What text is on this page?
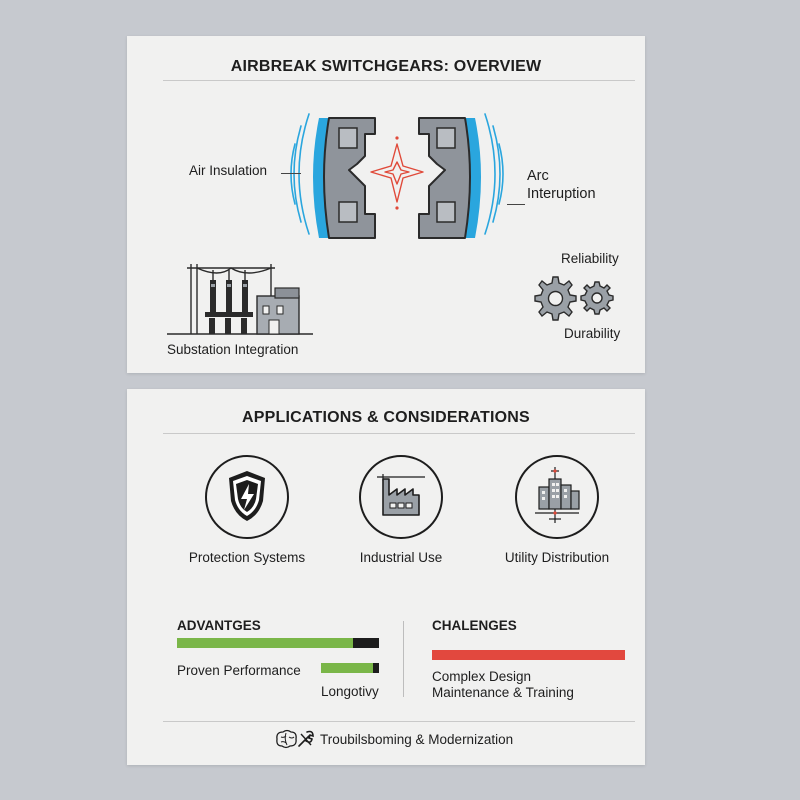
AIRBREAK SWITCHGEARS: OVERVIEW
Air Insulation	Arc
Interuption
Substation Integration
Reliability
Durability
APPLICATIONS & CONSIDERATIONS
Protection Systems	Industrial Use	Utility Distribution
ADVANTGES
Proven Performance
Longotivy
CHALENGES
Complex Design
Maintenance & Training
Troubilsboming & Modernization
